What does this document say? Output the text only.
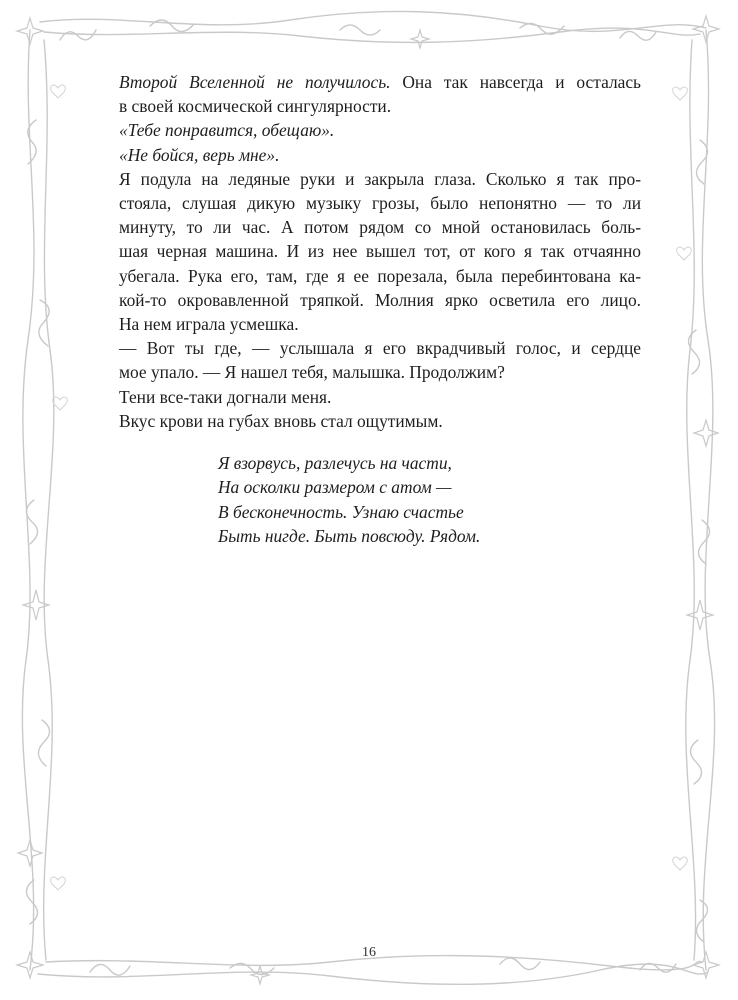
Второй Вселенной не получилось. Она так навсегда и осталась
в своей космической сингулярности.
«Тебе понравится, обещаю».
«Не бойся, верь мне».
Я подула на ледяные руки и закрыла глаза. Сколько я так про-
стояла, слушая дикую музыку грозы, было непонятно — то ли
минуту, то ли час. А потом рядом со мной остановилась боль-
шая черная машина. И из нее вышел тот, от кого я так отчаянно
убегала. Рука его, там, где я ее порезала, была перебинтована ка-
кой-то окровавленной тряпкой. Молния ярко осветила его лицо.
На нем играла усмешка.
— Вот ты где, — услышала я его вкрадчивый голос, и сердце
мое упало. — Я нашел тебя, малышка. Продолжим?
Тени все-таки догнали меня.
Вкус крови на губах вновь стал ощутимым.
Я взорвусь, разлечусь на части,
На осколки размером с атом —
В бесконечность. Узнаю счастье
Быть нигде. Быть повсюду. Рядом.
16
